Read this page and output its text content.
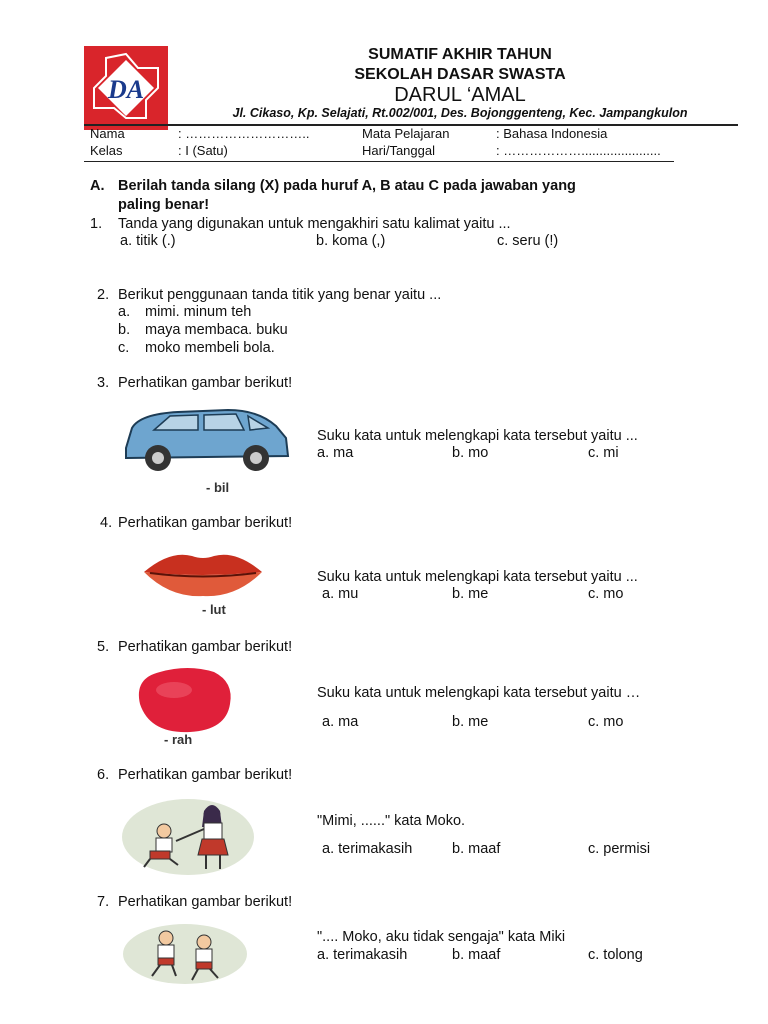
DA
SUMATIF AKHIR TAHUN
SEKOLAH DASAR SWASTA
DARUL ‘AMAL
Jl. Cikaso, Kp. Selajati, Rt.002/001, Des. Bojonggenteng, Kec. Jampangkulon
Nama	: ………………………..	Mata Pelajaran	: Bahasa Indonesia
Kelas	: I (Satu)	Hari/Tanggal	: ………………......................
A. Berilah tanda silang (X) pada huruf A, B atau C pada jawaban yang
paling benar!
1. Tanda yang digunakan untuk mengakhiri satu kalimat yaitu ...
a. titik (.)	b. koma (,)	c. seru (!)
2. Berikut penggunaan tanda titik yang benar yaitu ...
a. mimi. minum teh
b. maya membaca. buku
c. moko membeli bola.
3. Perhatikan gambar berikut!
- bil
Suku kata untuk melengkapi kata tersebut yaitu ...
a. ma	b. mo	c. mi
4. Perhatikan gambar berikut!
- lut
Suku kata untuk melengkapi kata tersebut yaitu ...
a. mu	b. me	c. mo
5. Perhatikan gambar berikut!
- rah
Suku kata untuk melengkapi kata tersebut yaitu …
a. ma	b. me	c. mo
6. Perhatikan gambar berikut!
"Mimi, ......" kata Moko.
a. terimakasih	b. maaf	c. permisi
7. Perhatikan gambar berikut!
".... Moko, aku tidak sengaja" kata Miki
a. terimakasih	b. maaf	c. tolong
